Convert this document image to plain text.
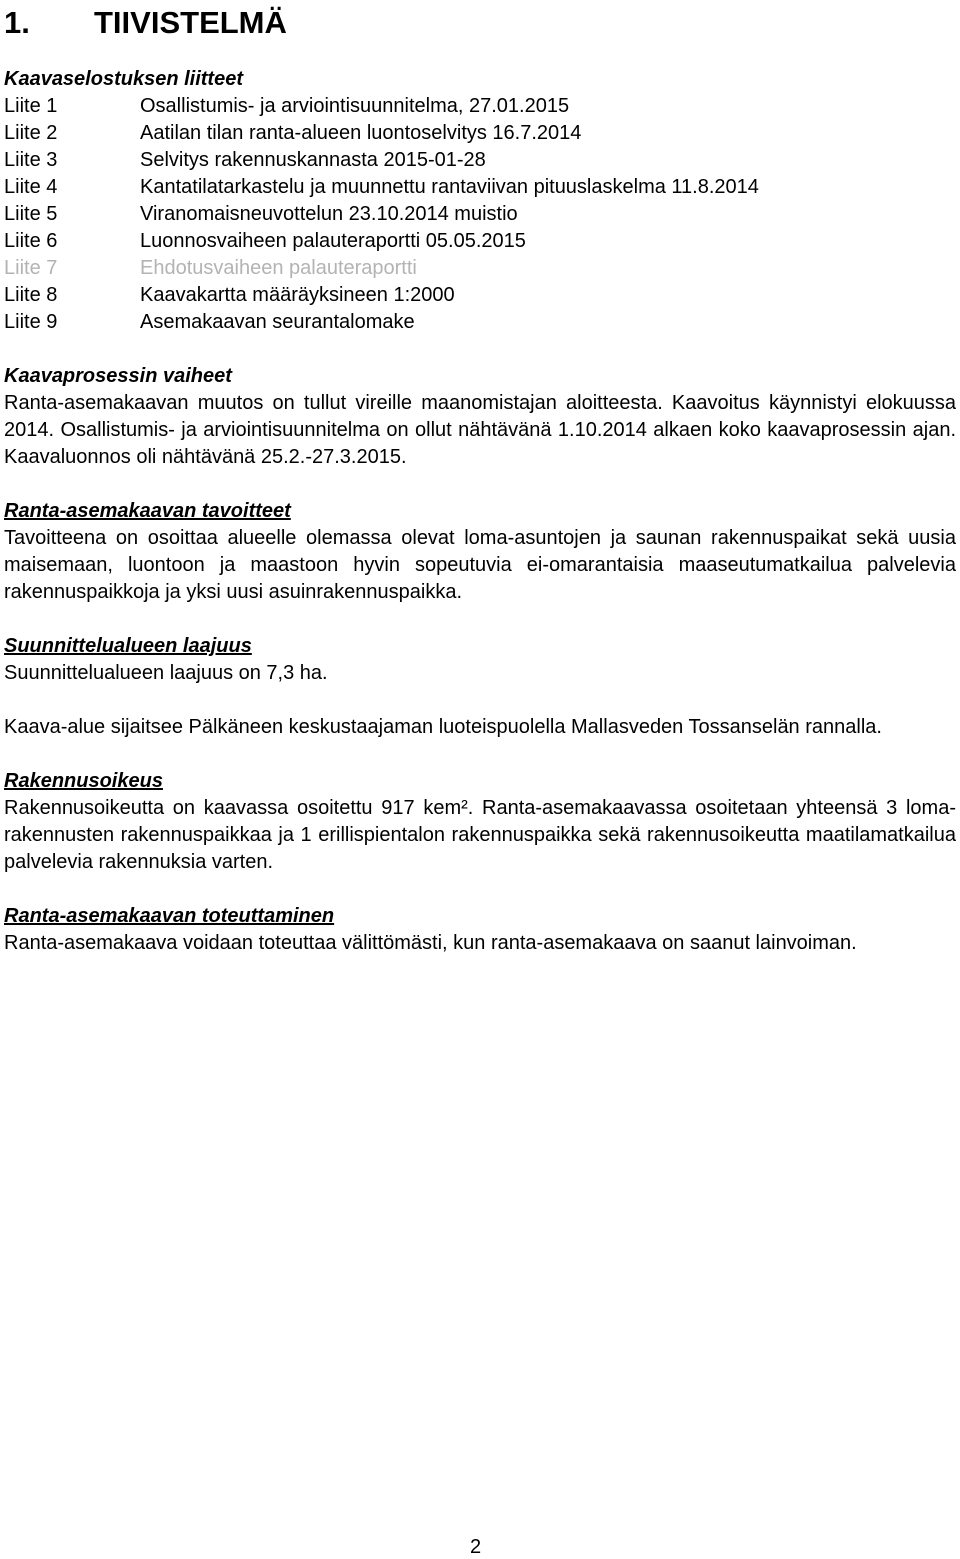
1. TIIVISTELMÄ

Kaavaselostuksen liitteet

Liite 1	Osallistumis- ja arviointisuunnitelma, 27.01.2015
Liite 2	Aatilan tilan ranta-alueen luontoselvitys 16.7.2014
Liite 3	Selvitys rakennuskannasta 2015-01-28
Liite 4	Kantatilatarkastelu ja muunnettu rantaviivan pituuslaskelma 11.8.2014
Liite 5	Viranomaisneuvottelun 23.10.2014 muistio
Liite 6	Luonnosvaiheen palauteraportti 05.05.2015
Liite 7	Ehdotusvaiheen palauteraportti
Liite 8	Kaavakartta määräyksineen 1:2000
Liite 9	Asemakaavan seurantalomake

Kaavaprosessin vaiheet

Ranta-asemakaavan muutos on tullut vireille maanomistajan aloitteesta. Kaavoitus käynnistyi elokuussa 2014. Osallistumis- ja arviointisuunnitelma on ollut nähtävänä 1.10.2014 alkaen koko kaavaprosessin ajan. Kaavaluonnos oli nähtävänä 25.2.-27.3.2015.

Ranta-asemakaavan tavoitteet

Tavoitteena on osoittaa alueelle olemassa olevat loma-asuntojen ja saunan rakennuspaikat sekä uusia maisemaan, luontoon ja maastoon hyvin sopeutuvia ei-omarantaisia maaseutumatkailua palvelevia rakennuspaikkoja ja yksi uusi asuinrakennuspaikka.

Suunnittelualueen laajuus

Suunnittelualueen laajuus on 7,3 ha.

Kaava-alue sijaitsee Pälkäneen keskustaajaman luoteispuolella Mallasveden Tossanselän rannalla.

Rakennusoikeus

Rakennusoikeutta on kaavassa osoitettu 917 kem². Ranta-asemakaavassa osoitetaan yhteensä 3 loma-rakennusten rakennuspaikkaa ja 1 erillispientalon rakennuspaikka sekä rakennusoikeutta maatilamatkailua palvelevia rakennuksia varten.

Ranta-asemakaavan toteuttaminen

Ranta-asemakaava voidaan toteuttaa välittömästi, kun ranta-asemakaava on saanut lainvoiman.

2
